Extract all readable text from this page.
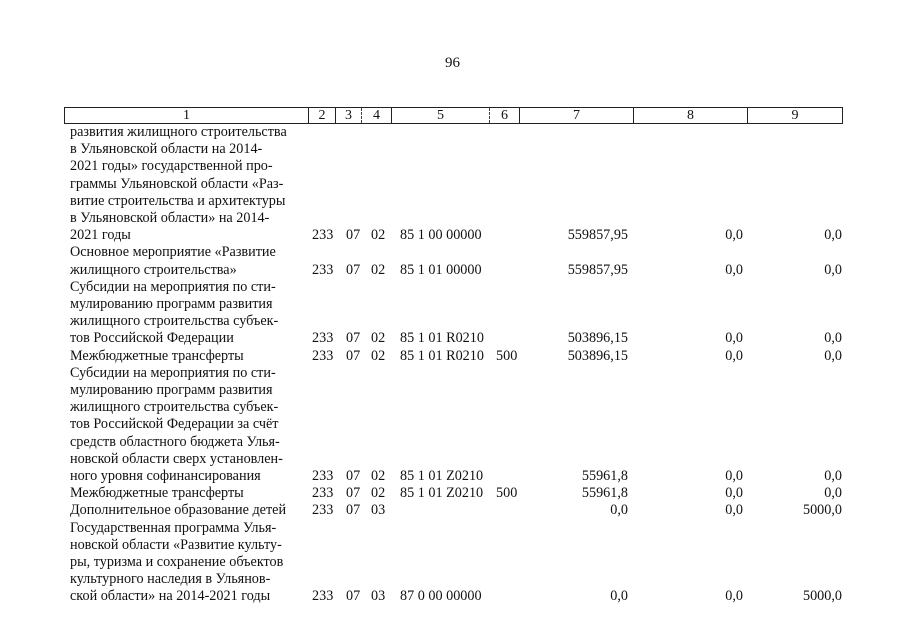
96
1	2	3	4	5	6	7	8	9
развития жилищного строительства
в Ульяновской области на 2014-
2021 годы» государственной про-
граммы Ульяновской области «Раз-
витие строительства и архитектуры
в Ульяновской области» на 2014-
2021 годы	233 07 02 85 1 00 00000	559857,95	0,0	0,0
Основное мероприятие «Развитие
жилищного строительства»	233 07 02 85 1 01 00000	559857,95	0,0	0,0
Субсидии на мероприятия по сти-
мулированию программ развития
жилищного строительства субъек-
тов Российской Федерации	233 07 02 85 1 01 R0210	503896,15	0,0	0,0
Межбюджетные трансферты	233 07 02 85 1 01 R0210 500	503896,15	0,0	0,0
Субсидии на мероприятия по сти-
мулированию программ развития
жилищного строительства субъек-
тов Российской Федерации за счёт
средств областного бюджета Улья-
новской области сверх установлен-
ного уровня софинансирования	233 07 02 85 1 01 Z0210	55961,8	0,0	0,0
Межбюджетные трансферты	233 07 02 85 1 01 Z0210 500	55961,8	0,0	0,0
Дополнительное образование детей	233 07 03	0,0	0,0	5000,0
Государственная программа Улья-
новской области «Развитие культу-
ры, туризма и сохранение объектов
культурного наследия в Ульянов-
ской области» на 2014-2021 годы	233 07 03 87 0 00 00000	0,0	0,0	5000,0
